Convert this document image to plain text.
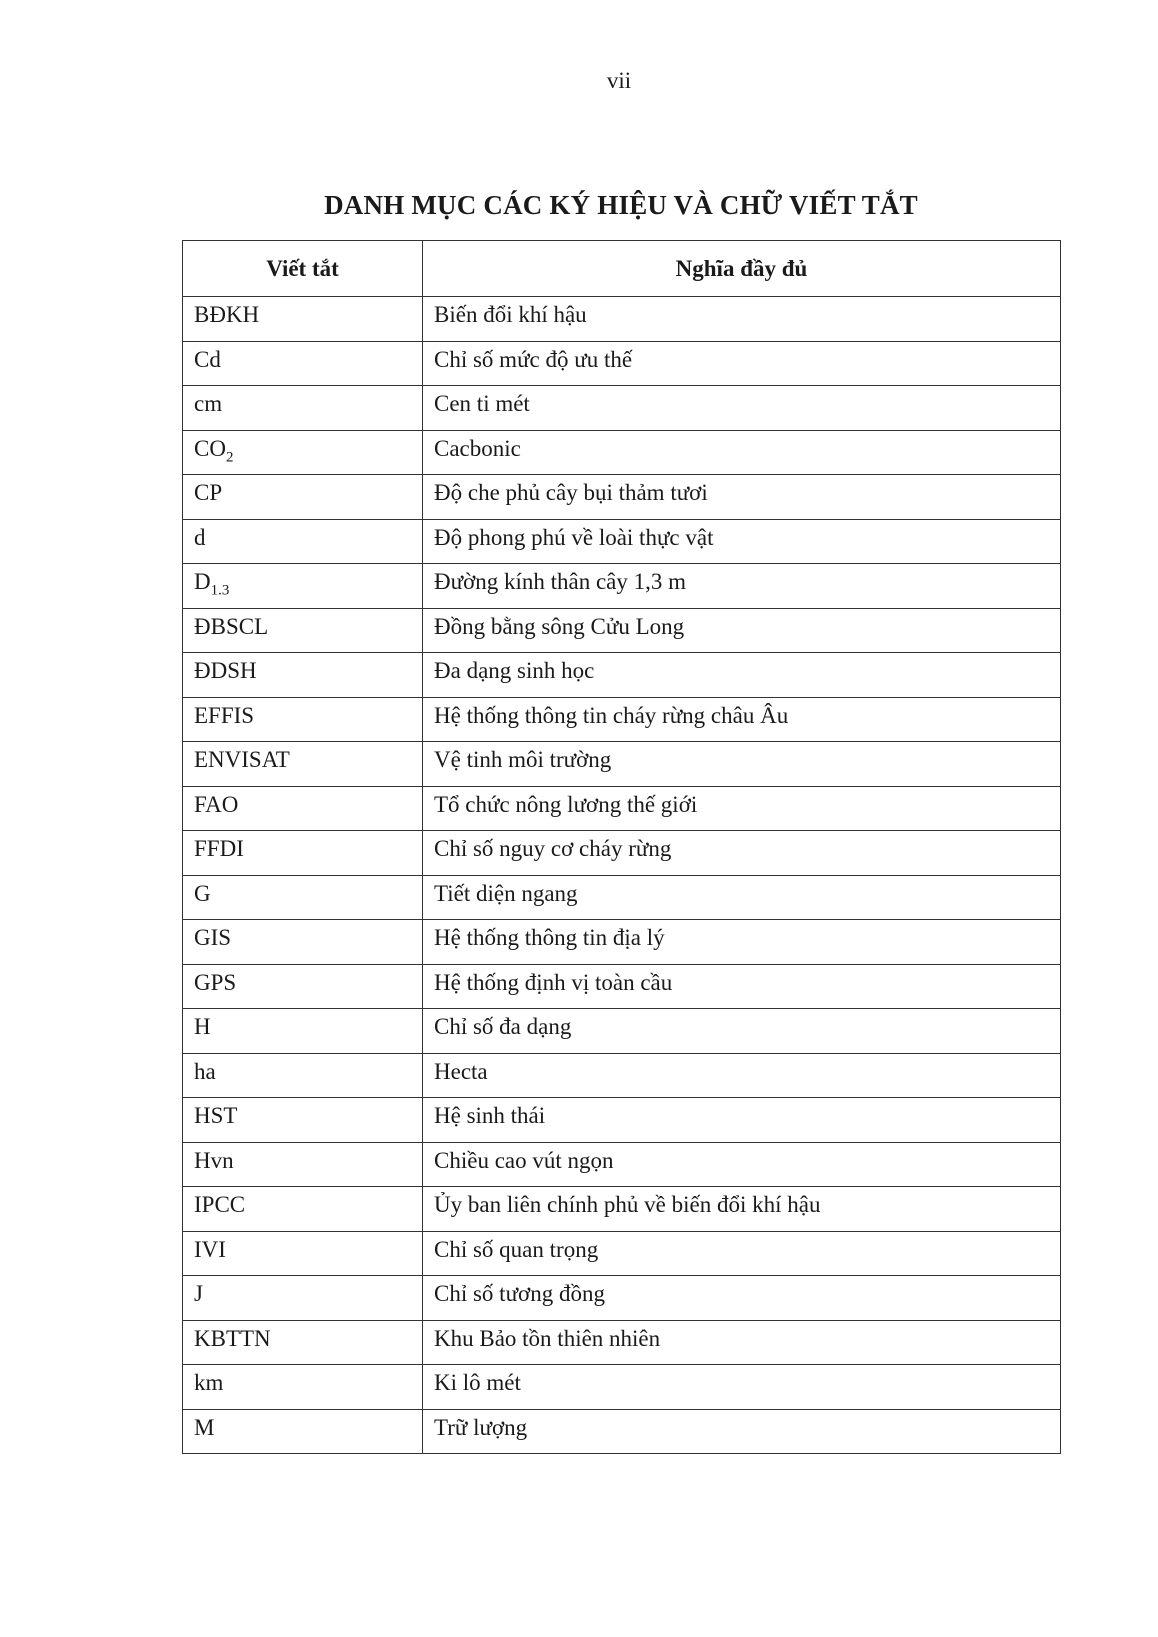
vii
DANH MỤC CÁC KÝ HIỆU VÀ CHỮ VIẾT TẮT
Viết tắt	Nghĩa đầy đủ
BĐKH	Biến đổi khí hậu
Cd	Chỉ số mức độ ưu thế
cm	Cen ti mét
$CO_2$	Cacbonic
CP	Độ che phủ cây bụi thảm tươi
d	Độ phong phú về loài thực vật
$D_{1.3}$	Đường kính thân cây 1,3 m
ĐBSCL	Đồng bằng sông Cửu Long
ĐDSH	Đa dạng sinh học
EFFIS	Hệ thống thông tin cháy rừng châu Âu
ENVISAT	Vệ tinh môi trường
FAO	Tổ chức nông lương thế giới
FFDI	Chỉ số nguy cơ cháy rừng
G	Tiết diện ngang
GIS	Hệ thống thông tin địa lý
GPS	Hệ thống định vị toàn cầu
H	Chỉ số đa dạng
ha	Hecta
HST	Hệ sinh thái
Hvn	Chiều cao vút ngọn
IPCC	Ủy ban liên chính phủ về biến đổi khí hậu
IVI	Chỉ số quan trọng
J	Chỉ số tương đồng
KBTTN	Khu Bảo tồn thiên nhiên
km	Ki lô mét
M	Trữ lượng
